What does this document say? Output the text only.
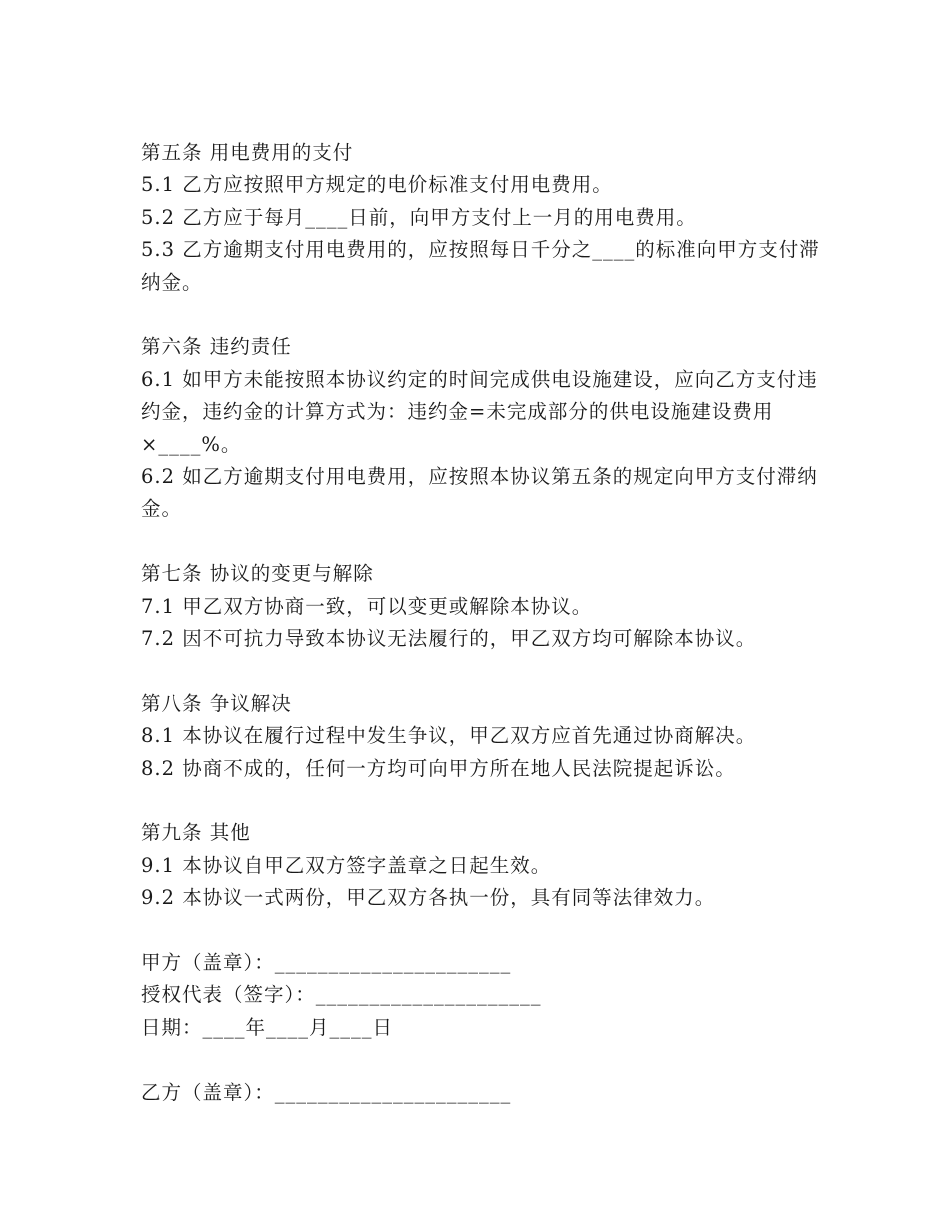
第五条 用电费用的支付
5.1 乙方应按照甲方规定的电价标准支付用电费用。
5.2 乙方应于每月____日前，向甲方支付上一月的用电费用。
5.3 乙方逾期支付用电费用的，应按照每日千分之____的标准向甲方支付滞纳金。
第六条 违约责任
6.1 如甲方未能按照本协议约定的时间完成供电设施建设，应向乙方支付违约金，违约金的计算方式为：违约金=未完成部分的供电设施建设费用×____%。
6.2 如乙方逾期支付用电费用，应按照本协议第五条的规定向甲方支付滞纳金。
第七条 协议的变更与解除
7.1 甲乙双方协商一致，可以变更或解除本协议。
7.2 因不可抗力导致本协议无法履行的，甲乙双方均可解除本协议。
第八条 争议解决
8.1 本协议在履行过程中发生争议，甲乙双方应首先通过协商解决。
8.2 协商不成的，任何一方均可向甲方所在地人民法院提起诉讼。
第九条 其他
9.1 本协议自甲乙双方签字盖章之日起生效。
9.2 本协议一式两份，甲乙双方各执一份，具有同等法律效力。
甲方（盖章）：______________________
授权代表（签字）：_____________________
日期：____年____月____日
乙方（盖章）：______________________
